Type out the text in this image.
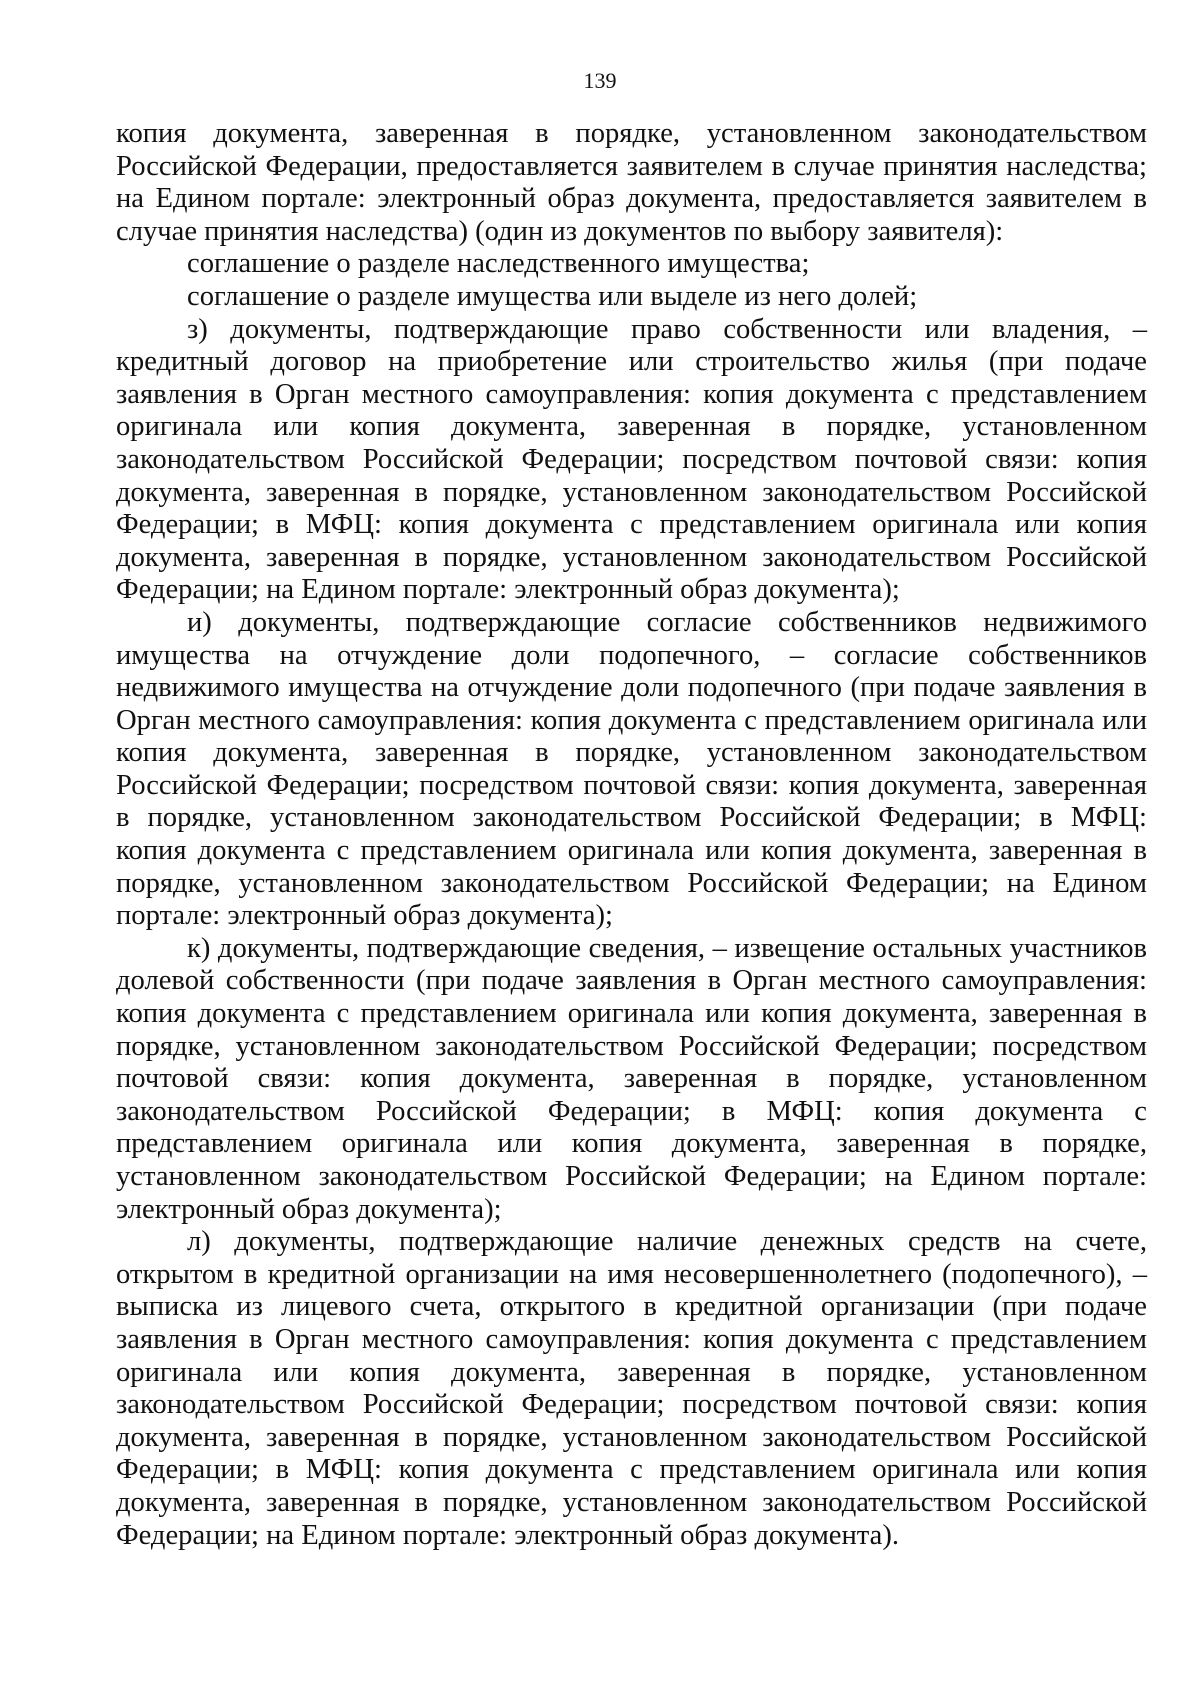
139

копия документа, заверенная в порядке, установленном законодательством Российской Федерации, предоставляется заявителем в случае принятия наследства; на Едином портале: электронный образ документа, предоставляется заявителем в случае принятия наследства) (один из документов по выбору заявителя):

соглашение о разделе наследственного имущества;

соглашение о разделе имущества или выделе из него долей;

з) документы, подтверждающие право собственности или владения, – кредитный договор на приобретение или строительство жилья (при подаче заявления в Орган местного самоуправления: копия документа с представлением оригинала или копия документа, заверенная в порядке, установленном законодательством Российской Федерации; посредством почтовой связи: копия документа, заверенная в порядке, установленном законодательством Российской Федерации; в МФЦ: копия документа с представлением оригинала или копия документа, заверенная в порядке, установленном законодательством Российской Федерации; на Едином портале: электронный образ документа);

и) документы, подтверждающие согласие собственников недвижимого имущества на отчуждение доли подопечного, – согласие собственников недвижимого имущества на отчуждение доли подопечного (при подаче заявления в Орган местного самоуправления: копия документа с представлением оригинала или копия документа, заверенная в порядке, установленном законодательством Российской Федерации; посредством почтовой связи: копия документа, заверенная в порядке, установленном законодательством Российской Федерации; в МФЦ: копия документа с представлением оригинала или копия документа, заверенная в порядке, установленном законодательством Российской Федерации; на Едином портале: электронный образ документа);

к) документы, подтверждающие сведения, – извещение остальных участников долевой собственности (при подаче заявления в Орган местного самоуправления: копия документа с представлением оригинала или копия документа, заверенная в порядке, установленном законодательством Российской Федерации; посредством почтовой связи: копия документа, заверенная в порядке, установленном законодательством Российской Федерации; в МФЦ: копия документа с представлением оригинала или копия документа, заверенная в порядке, установленном законодательством Российской Федерации; на Едином портале: электронный образ документа);

л) документы, подтверждающие наличие денежных средств на счете, открытом в кредитной организации на имя несовершеннолетнего (подопечного), – выписка из лицевого счета, открытого в кредитной организации (при подаче заявления в Орган местного самоуправления: копия документа с представлением оригинала или копия документа, заверенная в порядке, установленном законодательством Российской Федерации; посредством почтовой связи: копия документа, заверенная в порядке, установленном законодательством Российской Федерации; в МФЦ: копия документа с представлением оригинала или копия документа, заверенная в порядке, установленном законодательством Российской Федерации; на Едином портале: электронный образ документа).
